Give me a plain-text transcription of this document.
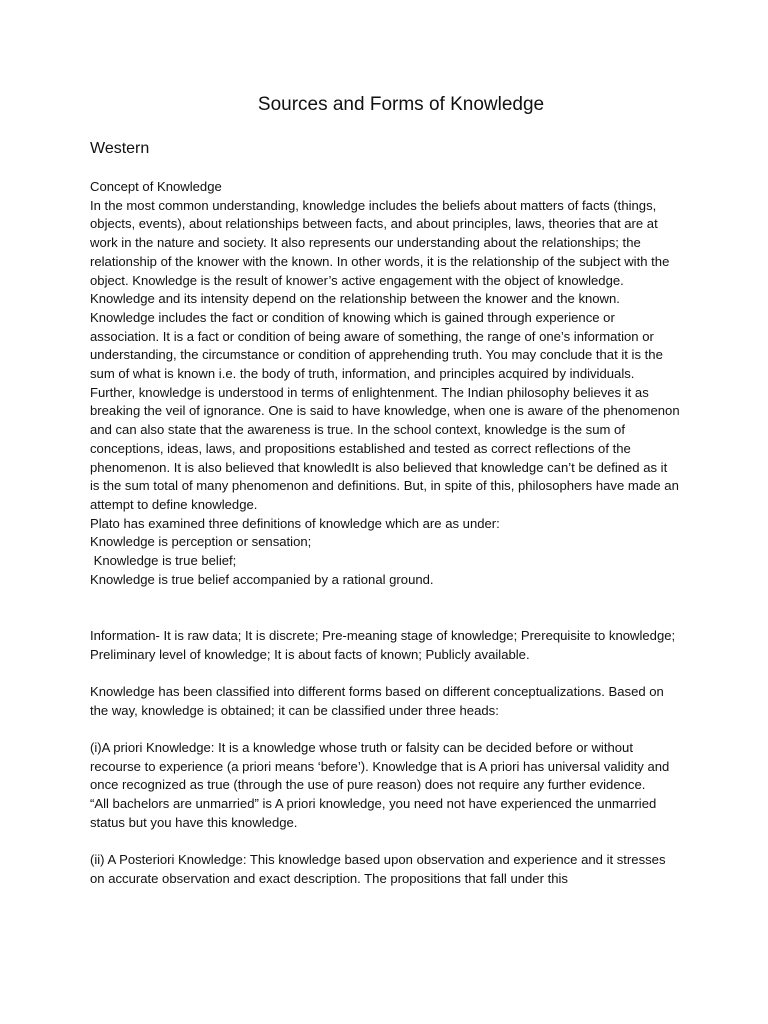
Sources and Forms of Knowledge
Western

Concept of Knowledge

In the most common understanding, knowledge includes the beliefs about matters of facts (things, objects, events), about relationships between facts, and about principles, laws, theories that are at work in the nature and society. It also represents our understanding about the relationships; the relationship of the knower with the known. In other words, it is the relationship of the subject with the object. Knowledge is the result of knower’s active engagement with the object of knowledge. Knowledge and its intensity depend on the relationship between the knower and the known. Knowledge includes the fact or condition of knowing which is gained through experience or association. It is a fact or condition of being aware of something, the range of one’s information or understanding, the circumstance or condition of apprehending truth. You may conclude that it is the sum of what is known i.e. the body of truth, information, and principles acquired by individuals. Further, knowledge is understood in terms of enlightenment. The Indian philosophy believes it as breaking the veil of ignorance. One is said to have knowledge, when one is aware of the phenomenon and can also state that the awareness is true. In the school context, knowledge is the sum of conceptions, ideas, laws, and propositions established and tested as correct reflections of the phenomenon. It is also believed that knowledIt is also believed that knowledge can’t be defined as it is the sum total of many phenomenon and definitions. But, in spite of this, philosophers have made an attempt to define knowledge.

Plato has examined three definitions of knowledge which are as under:

Knowledge is perception or sensation;

Knowledge is true belief;

Knowledge is true belief accompanied by a rational ground.

Information- It is raw data; It is discrete; Pre-meaning stage of knowledge; Prerequisite to knowledge; Preliminary level of knowledge; It is about facts of known; Publicly available.

Knowledge has been classified into different forms based on different conceptualizations. Based on the way, knowledge is obtained; it can be classified under three heads:

(i)A priori Knowledge: It is a knowledge whose truth or falsity can be decided before or without recourse to experience (a priori means ‘before’). Knowledge that is A priori has universal validity and once recognized as true (through the use of pure reason) does not require any further evidence.

“All bachelors are unmarried” is A priori knowledge, you need not have experienced the unmarried status but you have this knowledge.

(ii) A Posteriori Knowledge: This knowledge based upon observation and experience and it stresses on accurate observation and exact description. The propositions that fall under this
